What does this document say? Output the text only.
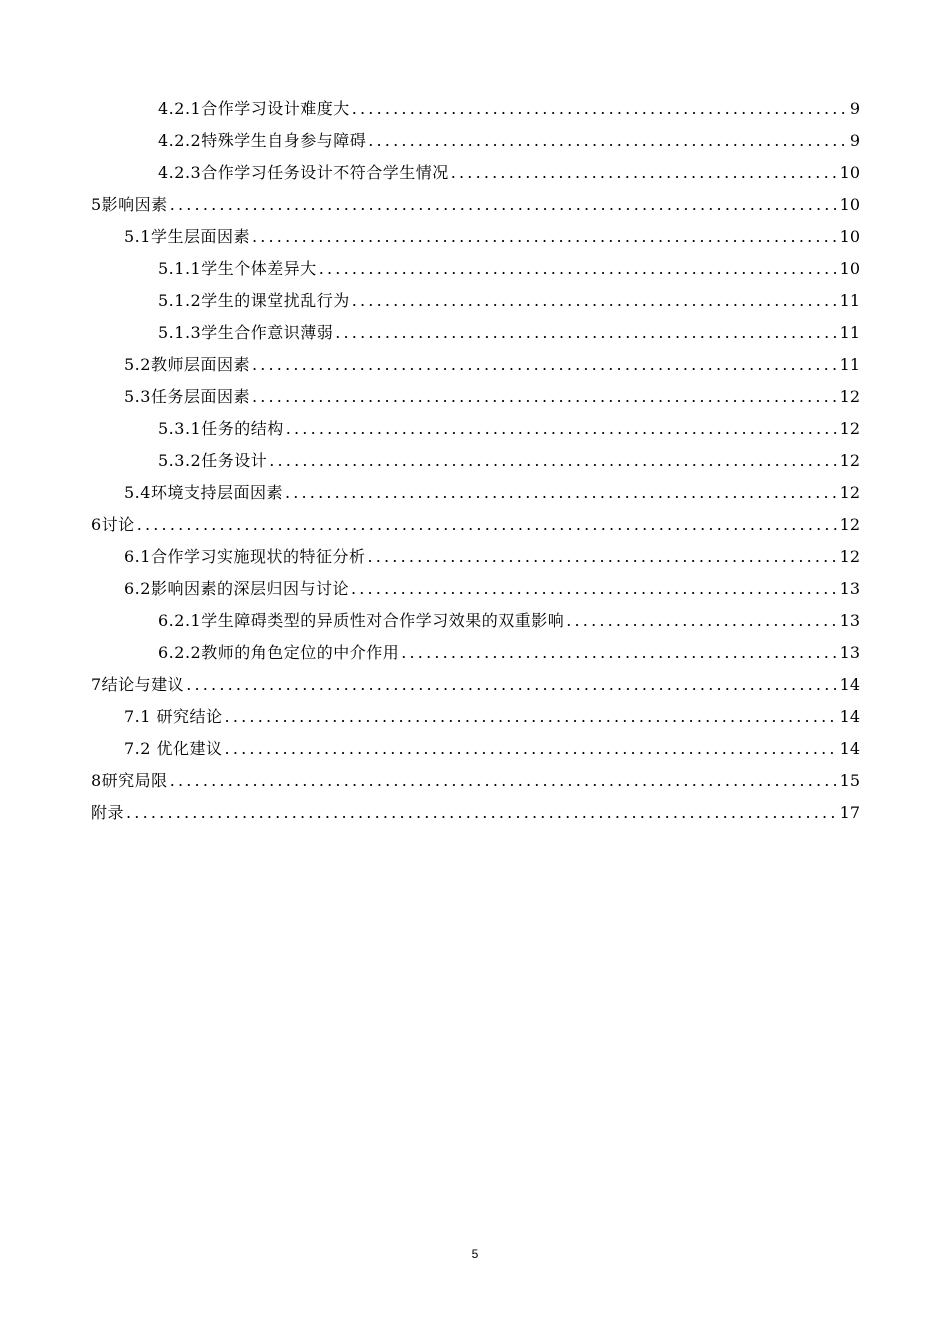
4.2.1合作学习设计难度大 .....	9
4.2.2特殊学生自身参与障碍 .....	9
4.2.3合作学习任务设计不符合学生情况 .....	10
5影响因素 .....	10
5.1学生层面因素 .....	10
5.1.1学生个体差异大 .....	10
5.1.2学生的课堂扰乱行为 .....	11
5.1.3学生合作意识薄弱 .....	11
5.2教师层面因素 .....	11
5.3任务层面因素 .....	12
5.3.1任务的结构 .....	12
5.3.2任务设计 .....	12
5.4环境支持层面因素 .....	12
6讨论 .....	12
6.1合作学习实施现状的特征分析 .....	12
6.2影响因素的深层归因与讨论 .....	13
6.2.1学生障碍类型的异质性对合作学习效果的双重影响 .....	13
6.2.2教师的角色定位的中介作用 .....	13
7结论与建议 .....	14
7.1 研究结论 .....	14
7.2 优化建议 .....	14
8研究局限 .....	15
附录 .....	17
5
